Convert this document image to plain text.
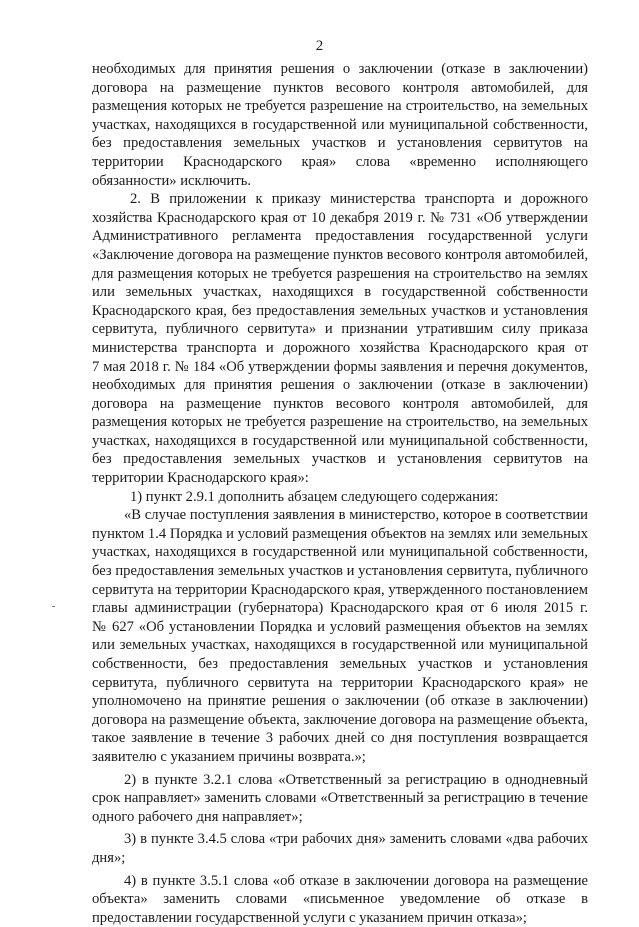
2
необходимых для принятия решения о заключении (отказе в заключении)
договора на размещение пунктов весового контроля автомобилей, для
размещения которых не требуется разрешение на строительство, на земельных
участках, находящихся в государственной или муниципальной собственности,
без предоставления земельных участков и установления сервитутов на
территории Краснодарского края» слова «временно исполняющего
обязанности» исключить.
2. В приложении к приказу министерства транспорта и дорожного
хозяйства Краснодарского края от 10 декабря 2019 г. № 731 «Об утверждении
Административного регламента предоставления государственной услуги
«Заключение договора на размещение пунктов весового контроля автомобилей,
для размещения которых не требуется разрешения на строительство на землях
или земельных участках, находящихся в государственной собственности
Краснодарского края, без предоставления земельных участков и установления
сервитута, публичного сервитута» и признании утратившим силу приказа
министерства транспорта и дорожного хозяйства Краснодарского края от
7 мая 2018 г. № 184 «Об утверждении формы заявления и перечня документов,
необходимых для принятия решения о заключении (отказе в заключении)
договора на размещение пунктов весового контроля автомобилей, для
размещения которых не требуется разрешение на строительство, на земельных
участках, находящихся в государственной или муниципальной собственности,
без предоставления земельных участков и установления сервитутов на
территории Краснодарского края»:
1) пункт 2.9.1 дополнить абзацем следующего содержания:
«В случае поступления заявления в министерство, которое в соответствии
пунктом 1.4 Порядка и условий размещения объектов на землях или земельных
участках, находящихся в государственной или муниципальной собственности,
без предоставления земельных участков и установления сервитута, публичного
сервитута на территории Краснодарского края, утвержденного постановлением
главы администрации (губернатора) Краснодарского края от 6 июля 2015 г.
№ 627 «Об установлении Порядка и условий размещения объектов на землях
или земельных участках, находящихся в государственной или муниципальной
собственности, без предоставления земельных участков и установления
сервитута, публичного сервитута на территории Краснодарского края» не
уполномочено на принятие решения о заключении (об отказе в заключении)
договора на размещение объекта, заключение договора на размещение объекта,
такое заявление в течение 3 рабочих дней со дня поступления возвращается
заявителю с указанием причины возврата.»;
2) в пункте 3.2.1 слова «Ответственный за регистрацию в однодневный
срок направляет» заменить словами «Ответственный за регистрацию в течение
одного рабочего дня направляет»;
3) в пункте 3.4.5 слова «три рабочих дня» заменить словами «два рабочих
дня»;
4) в пункте 3.5.1 слова «об отказе в заключении договора на размещение
объекта» заменить словами «письменное уведомление об отказе в
предоставлении государственной услуги с указанием причин отказа»;
